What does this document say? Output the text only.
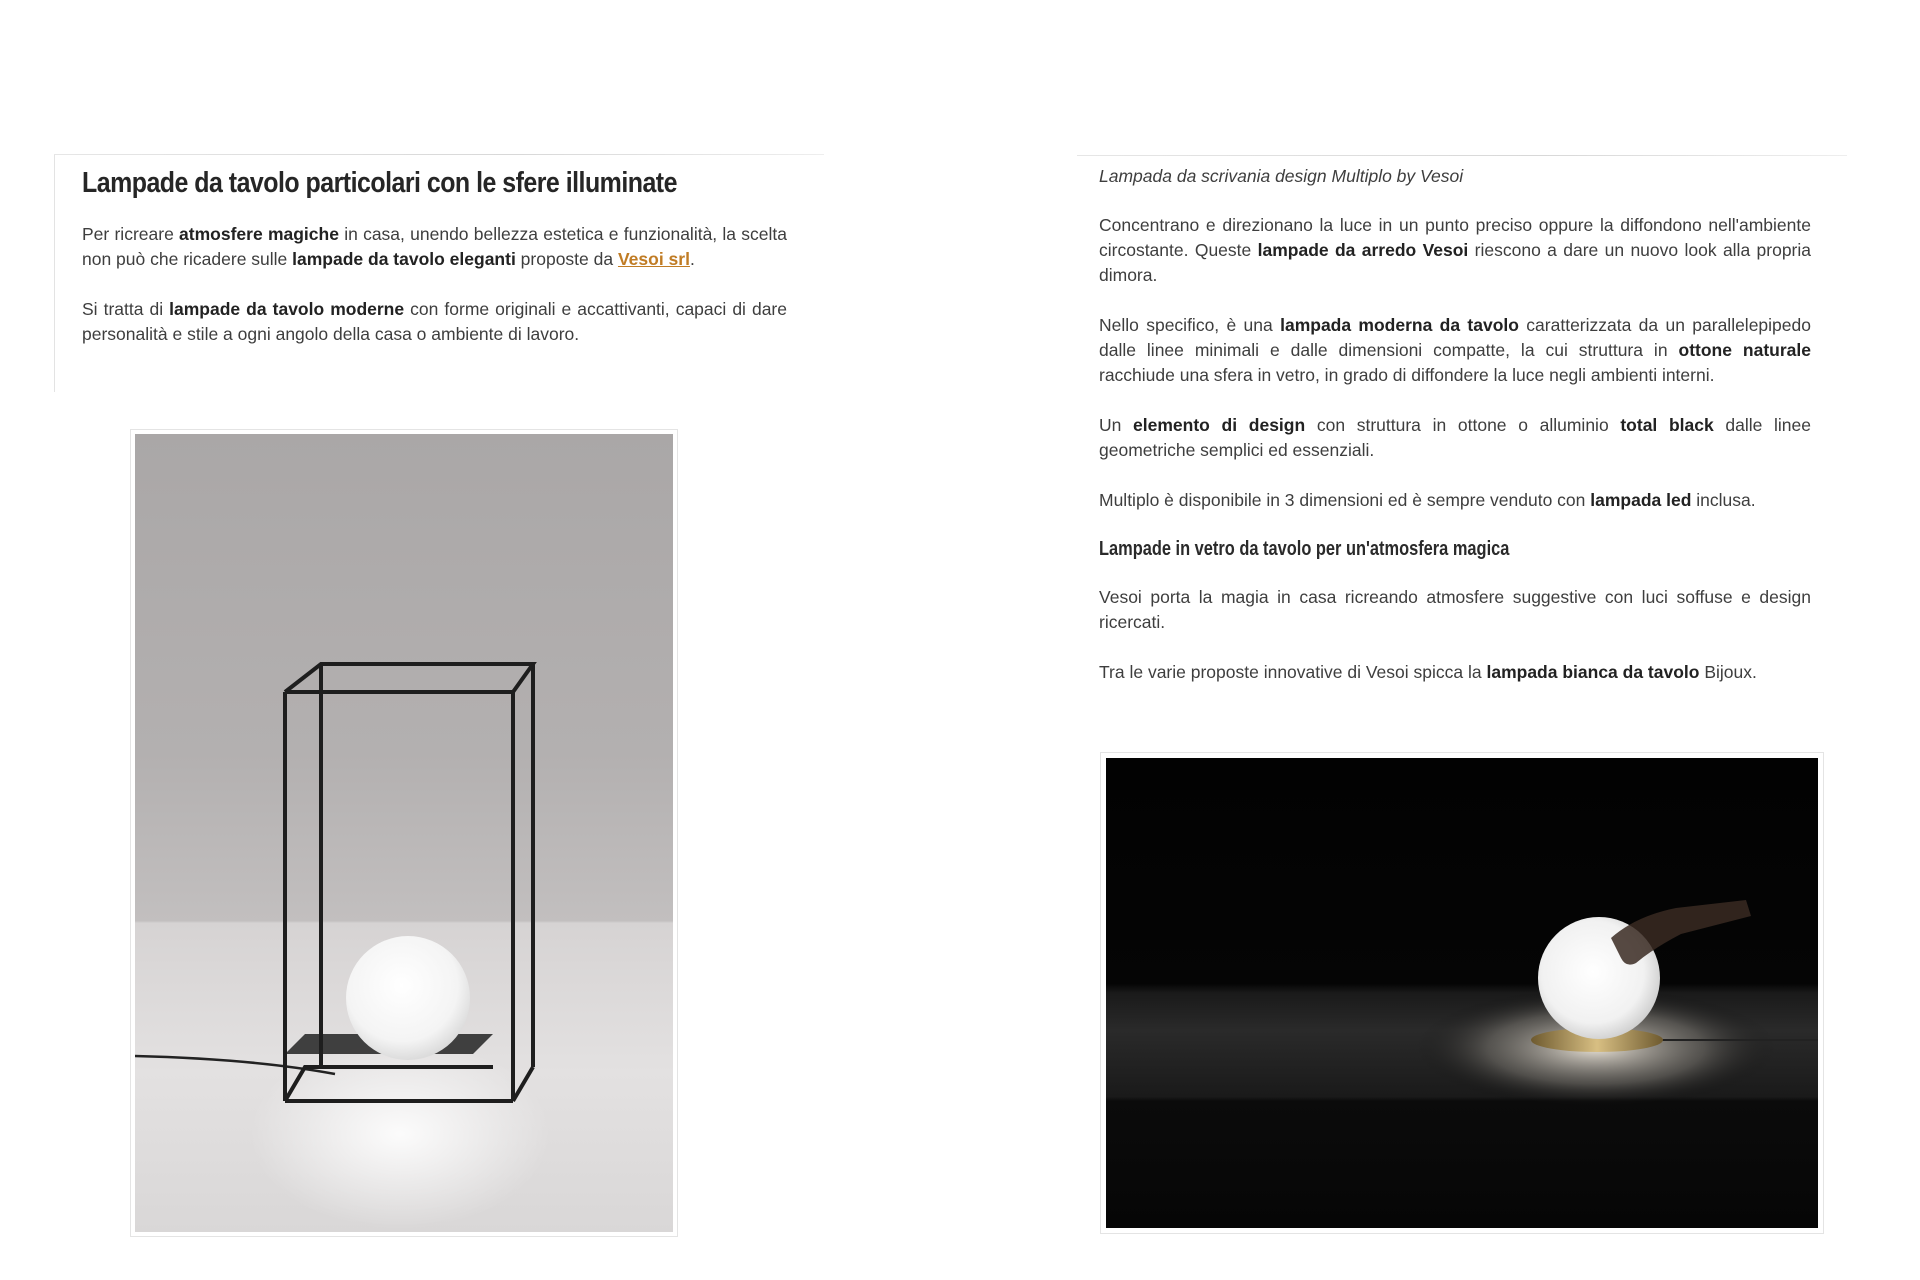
Lampade da tavolo particolari con le sfere illuminate

Per ricreare atmosfere magiche in casa, unendo bellezza estetica e funzionalità, la scelta non può che ricadere sulle lampade da tavolo eleganti proposte da Vesoi srl.

Si tratta di lampade da tavolo moderne con forme originali e accattivanti, capaci di dare personalità e stile a ogni angolo della casa o ambiente di lavoro.

Lampada da scrivania design Multiplo by Vesoi

Concentrano e direzionano la luce in un punto preciso oppure la diffondono nell'ambiente circostante. Queste lampade da arredo Vesoi riescono a dare un nuovo look alla propria dimora.

Nello specifico, è una lampada moderna da tavolo caratterizzata da un parallelepipedo dalle linee minimali e dalle dimensioni compatte, la cui struttura in ottone naturale racchiude una sfera in vetro, in grado di diffondere la luce negli ambienti interni.

Un elemento di design con struttura in ottone o alluminio total black dalle linee geometriche semplici ed essenziali.

Multiplo è disponibile in 3 dimensioni ed è sempre venduto con lampada led inclusa.

Lampade in vetro da tavolo per un'atmosfera magica

Vesoi porta la magia in casa ricreando atmosfere suggestive con luci soffuse e design ricercati.

Tra le varie proposte innovative di Vesoi spicca la lampada bianca da tavolo Bijoux.
